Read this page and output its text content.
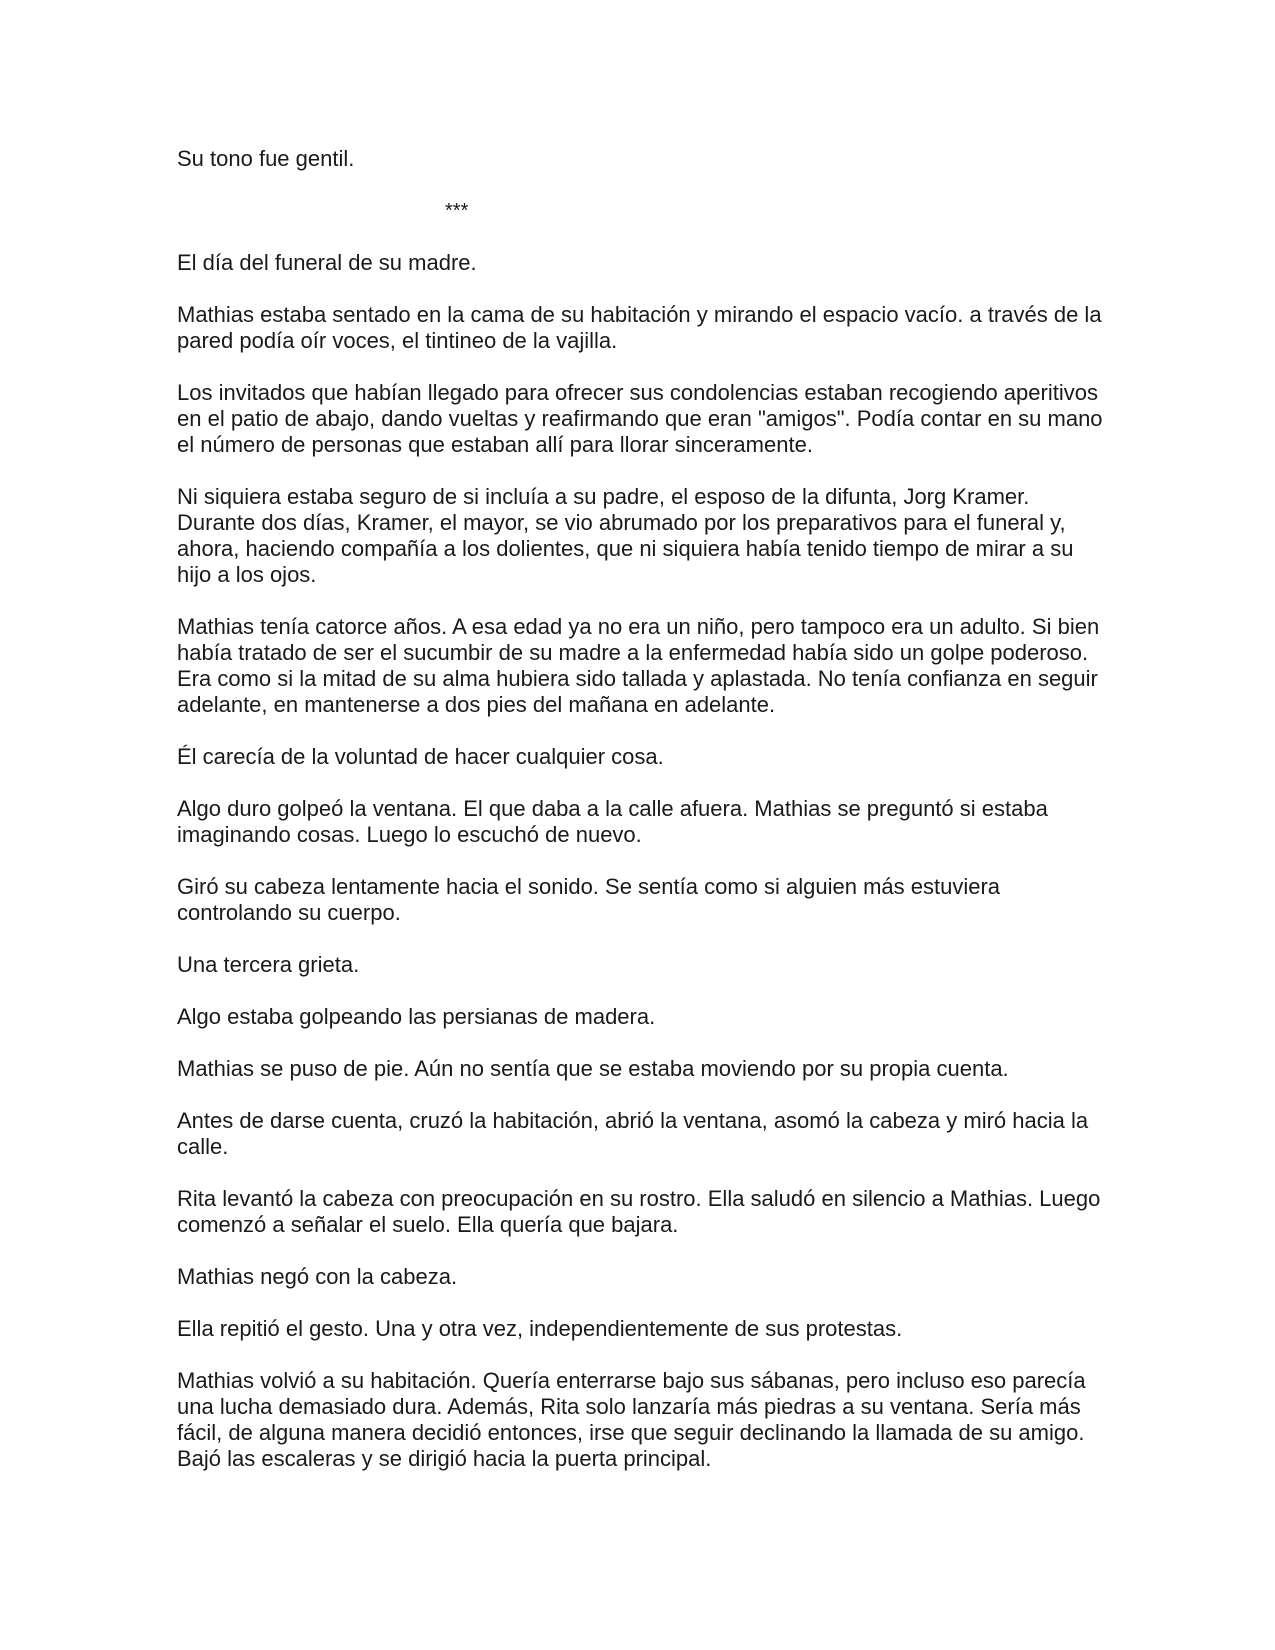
Su tono fue gentil.

***

El día del funeral de su madre.

Mathias estaba sentado en la cama de su habitación y mirando el espacio vacío. a través de la pared podía oír voces, el tintineo de la vajilla.

Los invitados que habían llegado para ofrecer sus condolencias estaban recogiendo aperitivos en el patio de abajo, dando vueltas y reafirmando que eran "amigos". Podía contar en su mano el número de personas que estaban allí para llorar sinceramente.

Ni siquiera estaba seguro de si incluía a su padre, el esposo de la difunta, Jorg Kramer. Durante dos días, Kramer, el mayor, se vio abrumado por los preparativos para el funeral y, ahora, haciendo compañía a los dolientes, que ni siquiera había tenido tiempo de mirar a su hijo a los ojos.

Mathias tenía catorce años. A esa edad ya no era un niño, pero tampoco era un adulto. Si bien había tratado de ser el sucumbir de su madre a la enfermedad había sido un golpe poderoso. Era como si la mitad de su alma hubiera sido tallada y aplastada. No tenía confianza en seguir adelante, en mantenerse a dos pies del mañana en adelante.

Él carecía de la voluntad de hacer cualquier cosa.

Algo duro golpeó la ventana. El que daba a la calle afuera. Mathias se preguntó si estaba imaginando cosas. Luego lo escuchó de nuevo.

Giró su cabeza lentamente hacia el sonido. Se sentía como si alguien más estuviera controlando su cuerpo.

Una tercera grieta.

Algo estaba golpeando las persianas de madera.

Mathias se puso de pie. Aún no sentía que se estaba moviendo por su propia cuenta.

Antes de darse cuenta, cruzó la habitación, abrió la ventana, asomó la cabeza y miró hacia la calle.

Rita levantó la cabeza con preocupación en su rostro. Ella saludó en silencio a Mathias. Luego comenzó a señalar el suelo. Ella quería que bajara.

Mathias negó con la cabeza.

Ella repitió el gesto. Una y otra vez, independientemente de sus protestas.

Mathias volvió a su habitación. Quería enterrarse bajo sus sábanas, pero incluso eso parecía una lucha demasiado dura. Además, Rita solo lanzaría más piedras a su ventana. Sería más fácil, de alguna manera decidió entonces, irse que seguir declinando la llamada de su amigo. Bajó las escaleras y se dirigió hacia la puerta principal.
